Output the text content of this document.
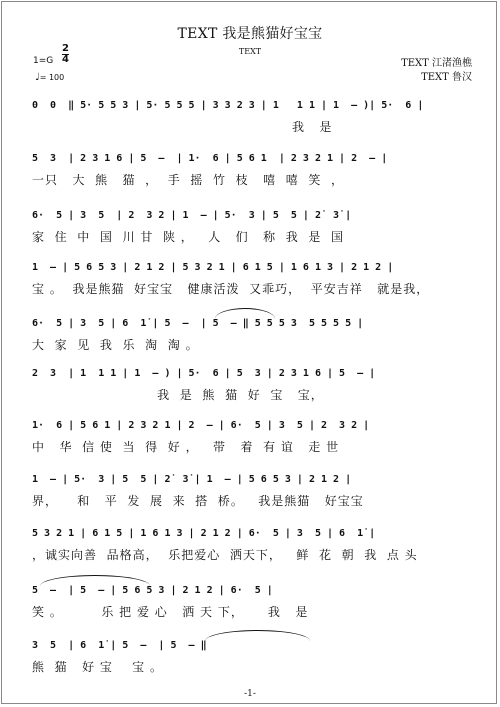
TEXT 我是熊猫好宝宝
TEXT
TEXT 江渚渔樵
TEXT 鲁汉
1=G
2
4
♩= 100
0  0  ‖ 5· 5 5 3 | 5· 5 5 5 | 3 3 2 3 | 1   1 1 | 1  – )| 5·  6 |
我   是
5  3  | 2 3 1 6 | 5  –  | 1·  6 | 5 6 1  | 2 3 2 1 | 2  – |
一只   大  熊   猫  ，  手  摇  竹  枝   嘻  嘻  笑  ，
6·  5 | 3  5  | 2  3 2 | 1  – | 5·  3 | 5  5 | 2̇  3̇ |
家  住  中  国  川 甘  陕 ，   人   们   称  我  是  国
1  – | 5 6 5 3 | 2 1 2 | 5 3 2 1 | 6 1 5 | 1 6 1 3 | 2 1 2 |
宝 。  我是熊猫  好宝宝   健康活泼  又乖巧，  平安吉祥   就是我，
6·  5 | 3  5 | 6  1̇ | 5  –  | 5  – ‖ 5 5 5 3  5 5 5 5 |
大  家  见  我  乐  淘  淘 。
2  3  | 1  1 1 | 1  – ) | 5·  6 | 5  3 | 2 3 1 6 | 5  – |
我  是  熊  猫  好  宝   宝，
1·  6 | 5 6 1 | 2 3 2 1 | 2  – | 6·  5 | 3  5 | 2  3 2 |
中   华  信 使  当  得  好 ，   带   着  有 谊   走 世
1  – | 5·  3 | 5  5 | 2̇  3̇ | 1  – | 5 6 5 3 | 2 1 2 |
界，    和   平  发  展  来  搭  桥。   我是熊猫   好宝宝
5 3 2 1 | 6 1 5 | 1 6 1 3 | 2 1 2 | 6·  5 | 3  5 | 6  1̇ |
，诚实向善  品格高，  乐把爱心  洒天下，   鲜  花  朝  我  点 头
5  –  | 5  – | 5 6 5 3 | 2 1 2 | 6·  5 |
笑 。        乐 把 爱 心   洒 天 下，     我   是
3  5  | 6  1̇ | 5  –  | 5  – ‖
熊  猫   好 宝    宝 。
-1-
